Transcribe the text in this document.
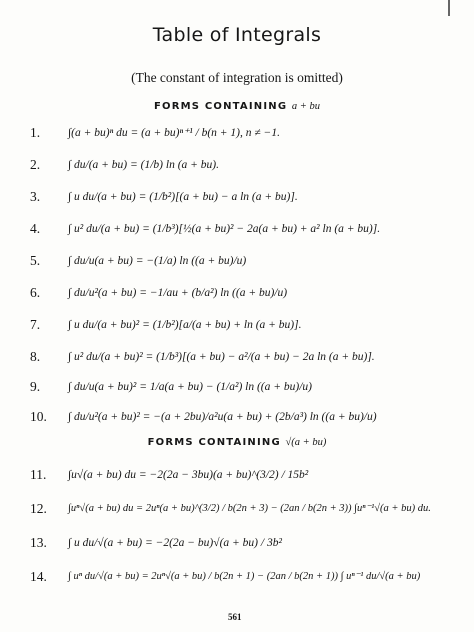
Table of Integrals
(The constant of integration is omitted)
FORMS CONTAINING a + bu
1.	∫(a + bu)ⁿ du = (a + bu)ⁿ⁺¹ / b(n + 1), n ≠ −1.
2.	∫ du/(a + bu) = (1/b) ln (a + bu).
3.	∫ u du/(a + bu) = (1/b²)[(a + bu) − a ln (a + bu)].
4.	∫ u² du/(a + bu) = (1/b³)[½(a + bu)² − 2a(a + bu) + a² ln (a + bu)].
5.	∫ du/u(a + bu) = −(1/a) ln ((a + bu)/u)
6.	∫ du/u²(a + bu) = −1/au + (b/a²) ln ((a + bu)/u)
7.	∫ u du/(a + bu)² = (1/b²)[a/(a + bu) + ln (a + bu)].
8.	∫ u² du/(a + bu)² = (1/b³)[(a + bu) − a²/(a + bu) − 2a ln (a + bu)].
9.	∫ du/u(a + bu)² = 1/a(a + bu) − (1/a²) ln ((a + bu)/u)
10.	∫ du/u²(a + bu)² = −(a + 2bu)/a²u(a + bu) + (2b/a³) ln ((a + bu)/u)
FORMS CONTAINING √(a + bu)
11.	∫u√(a + bu) du = −2(2a − 3bu)(a + bu)^(3/2) / 15b²
12.	∫uⁿ√(a + bu) du = 2uⁿ(a + bu)^(3/2) / b(2n + 3) − (2an / b(2n + 3)) ∫uⁿ⁻¹√(a + bu) du.
13.	∫ u du/√(a + bu) = −2(2a − bu)√(a + bu) / 3b²
14.	∫ uⁿ du/√(a + bu) = 2uⁿ√(a + bu) / b(2n + 1) − (2an / b(2n + 1)) ∫ uⁿ⁻¹ du/√(a + bu)
561
